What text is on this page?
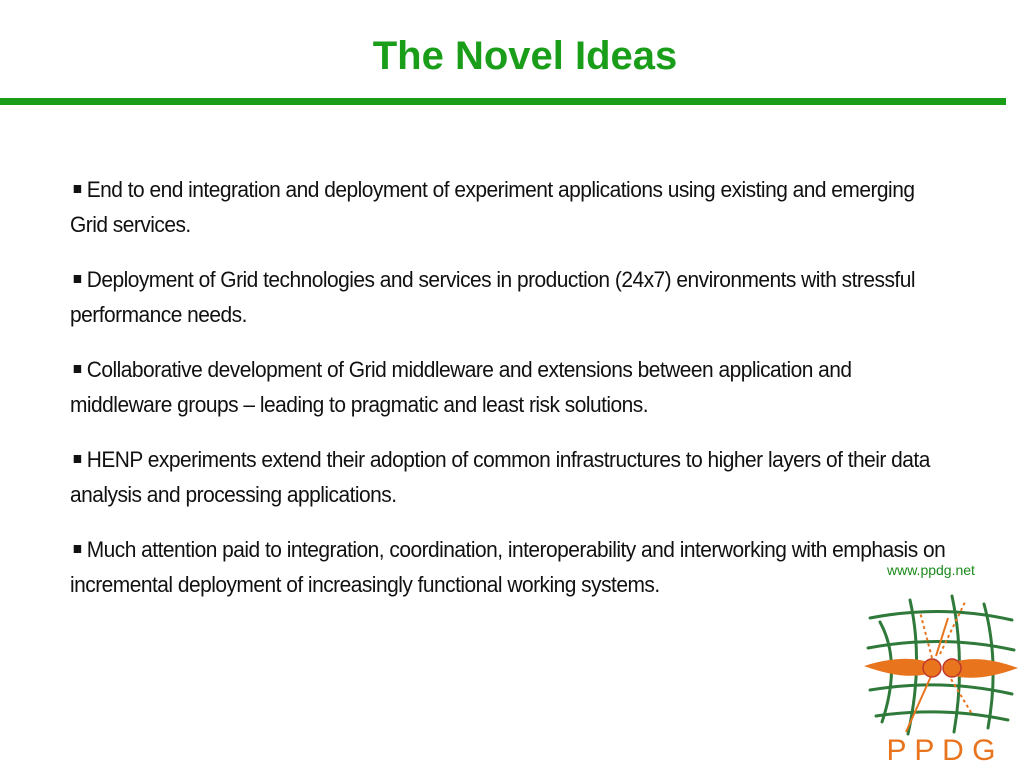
The Novel Ideas
End to end integration and deployment of experiment applications using existing and emerging Grid services.
Deployment of Grid technologies and services in production (24x7) environments with stressful performance needs.
Collaborative development of Grid middleware and extensions between application and middleware groups – leading to pragmatic and least risk solutions.
HENP experiments extend their adoption of common infrastructures to higher layers of their data analysis and processing applications.
Much attention paid to integration, coordination, interoperability and interworking with emphasis on incremental deployment of increasingly functional working systems.
www.ppdg.net
P P D G
